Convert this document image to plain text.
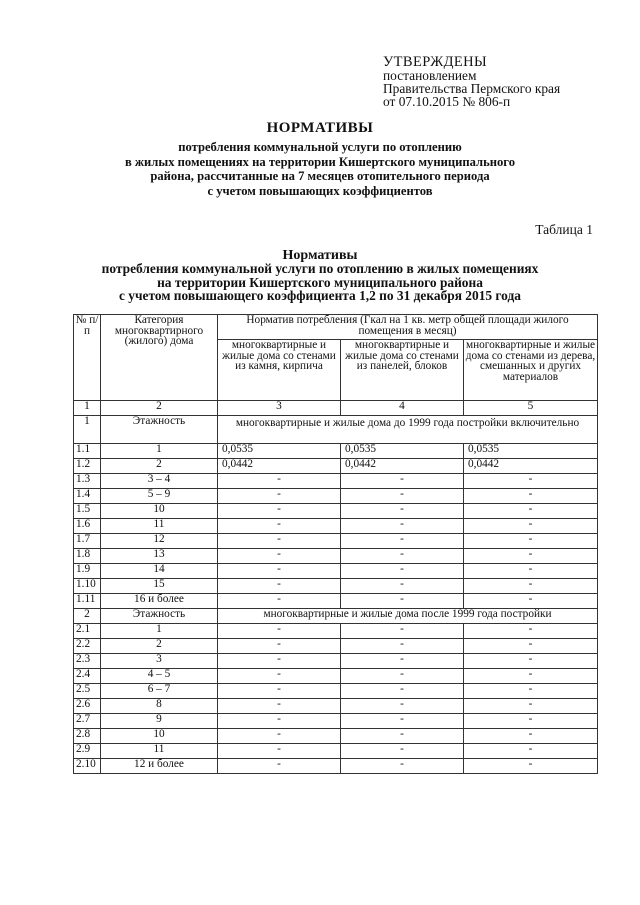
УТВЕРЖДЕНЫ
постановлением
Правительства Пермского края
от 07.10.2015 № 806-п
НОРМАТИВЫ
потребления коммунальной услуги по отоплению
в жилых помещениях на территории Кишертского муниципального
района, рассчитанные на 7 месяцев отопительного периода
с учетом повышающих коэффициентов
Таблица 1
Нормативы
потребления коммунальной услуги по отоплению в жилых помещениях
на территории Кишертского муниципального района
с учетом повышающего коэффициента 1,2 по 31 декабря 2015 года
№ п/п	Категория многоквартирного (жилого) дома	Норматив потребления (Гкал на 1 кв. метр общей площади жилого помещения в месяц)		
		многоквартирные и жилые дома со стенами из камня, кирпича	многоквартирные и жилые дома со стенами из панелей, блоков	многоквартирные и жилые дома со стенами из дерева, смешанных и других материалов
1	2	3	4	5
1	Этажность	многоквартирные и жилые дома до 1999 года постройки включительно		
1.1	1	0,0535	0,0535	0,0535
1.2	2	0,0442	0,0442	0,0442
1.3	3 – 4	-	-	-
1.4	5 – 9	-	-	-
1.5	10	-	-	-
1.6	11	-	-	-
1.7	12	-	-	-
1.8	13	-	-	-
1.9	14	-	-	-
1.10	15	-	-	-
1.11	16 и более	-	-	-
2	Этажность	многоквартирные и жилые дома после 1999 года постройки		
2.1	1	-	-	-
2.2	2	-	-	-
2.3	3	-	-	-
2.4	4 – 5	-	-	-
2.5	6 – 7	-	-	-
2.6	8	-	-	-
2.7	9	-	-	-
2.8	10	-	-	-
2.9	11	-	-	-
2.10	12 и более	-	-	-
